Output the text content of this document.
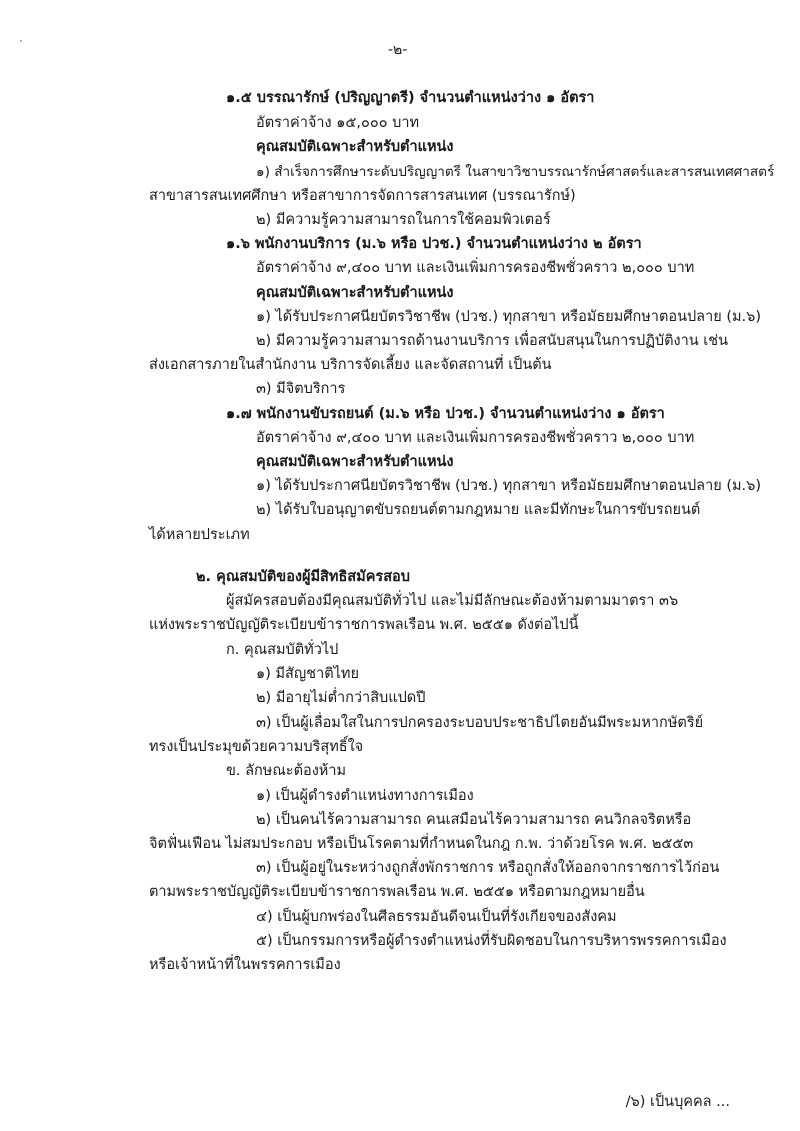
-๒-
๑.๕ บรรณารักษ์ (ปริญญาตรี) จำนวนตำแหน่งว่าง ๑ อัตรา
อัตราค่าจ้าง ๑๕,๐๐๐ บาท
คุณสมบัติเฉพาะสำหรับตำแหน่ง
๑) สำเร็จการศึกษาระดับปริญญาตรี ในสาขาวิชาบรรณารักษ์ศาสตร์และสารสนเทศศาสตร์
สาขาสารสนเทศศึกษา หรือสาขาการจัดการสารสนเทศ (บรรณารักษ์)
๒) มีความรู้ความสามารถในการใช้คอมพิวเตอร์
๑.๖ พนักงานบริการ (ม.๖ หรือ ปวช.) จำนวนตำแหน่งว่าง ๒ อัตรา
อัตราค่าจ้าง ๙,๔๐๐ บาท และเงินเพิ่มการครองชีพชั่วคราว ๒,๐๐๐ บาท
คุณสมบัติเฉพาะสำหรับตำแหน่ง
๑) ได้รับประกาศนียบัตรวิชาชีพ (ปวช.) ทุกสาขา หรือมัธยมศึกษาตอนปลาย (ม.๖)
๒) มีความรู้ความสามารถด้านงานบริการ เพื่อสนับสนุนในการปฏิบัติงาน เช่น
ส่งเอกสารภายในสำนักงาน บริการจัดเลี้ยง และจัดสถานที่ เป็นต้น
๓) มีจิตบริการ
๑.๗ พนักงานขับรถยนต์ (ม.๖ หรือ ปวช.) จำนวนตำแหน่งว่าง ๑ อัตรา
อัตราค่าจ้าง ๙,๔๐๐ บาท และเงินเพิ่มการครองชีพชั่วคราว ๒,๐๐๐ บาท
คุณสมบัติเฉพาะสำหรับตำแหน่ง
๑) ได้รับประกาศนียบัตรวิชาชีพ (ปวช.) ทุกสาขา หรือมัธยมศึกษาตอนปลาย (ม.๖)
๒) ได้รับใบอนุญาตขับรถยนต์ตามกฎหมาย และมีทักษะในการขับรถยนต์
ได้หลายประเภท
๒. คุณสมบัติของผู้มีสิทธิสมัครสอบ
ผู้สมัครสอบต้องมีคุณสมบัติทั่วไป และไม่มีลักษณะต้องห้ามตามมาตรา ๓๖
แห่งพระราชบัญญัติระเบียบข้าราชการพลเรือน พ.ศ. ๒๕๕๑ ดังต่อไปนี้
ก. คุณสมบัติทั่วไป
๑) มีสัญชาติไทย
๒) มีอายุไม่ต่ำกว่าสิบแปดปี
๓) เป็นผู้เลื่อมใสในการปกครองระบอบประชาธิปไตยอันมีพระมหากษัตริย์
ทรงเป็นประมุขด้วยความบริสุทธิ์ใจ
ข. ลักษณะต้องห้าม
๑) เป็นผู้ดำรงตำแหน่งทางการเมือง
๒) เป็นคนไร้ความสามารถ คนเสมือนไร้ความสามารถ คนวิกลจริตหรือ
จิตฟั่นเฟือน ไม่สมประกอบ หรือเป็นโรคตามที่กำหนดในกฎ ก.พ. ว่าด้วยโรค พ.ศ. ๒๕๕๓
๓) เป็นผู้อยู่ในระหว่างถูกสั่งพักราชการ หรือถูกสั่งให้ออกจากราชการไว้ก่อน
ตามพระราชบัญญัติระเบียบข้าราชการพลเรือน พ.ศ. ๒๕๕๑ หรือตามกฎหมายอื่น
๔) เป็นผู้บกพร่องในศีลธรรมอันดีจนเป็นที่รังเกียจของสังคม
๕) เป็นกรรมการหรือผู้ดำรงตำแหน่งที่รับผิดชอบในการบริหารพรรคการเมือง
หรือเจ้าหน้าที่ในพรรคการเมือง
/๖) เป็นบุคคล ...
